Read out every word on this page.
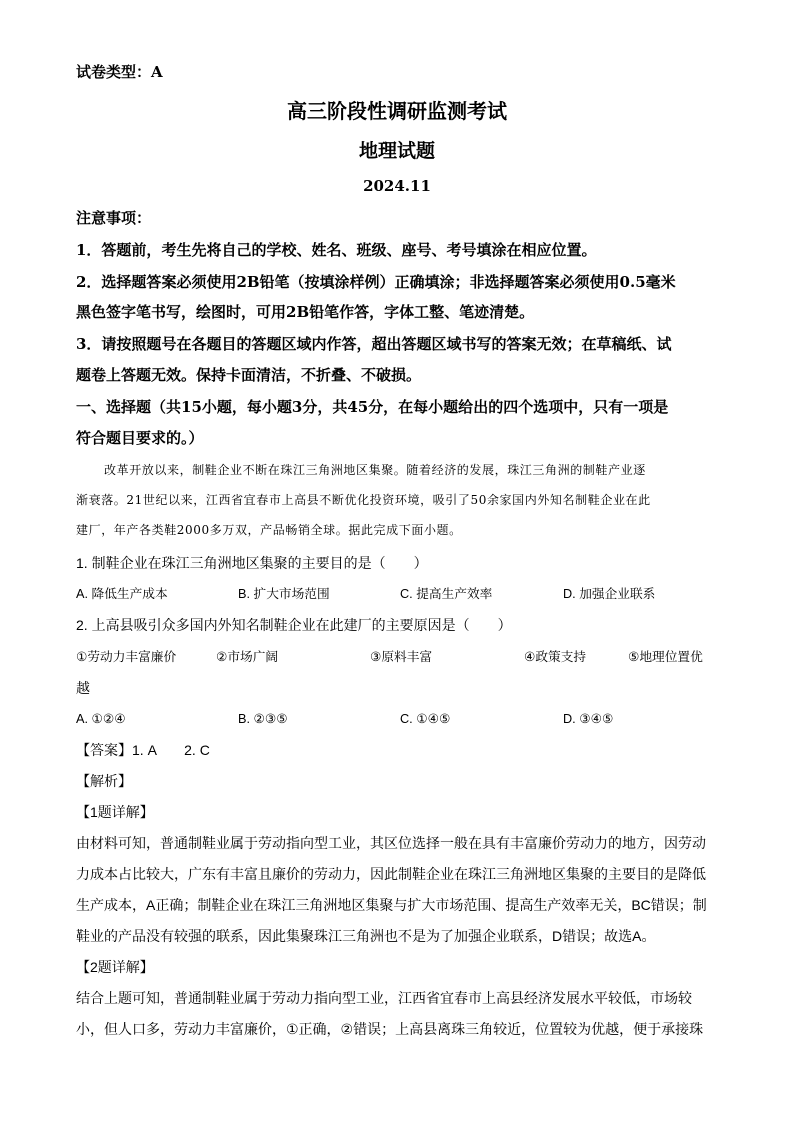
试卷类型：A
高三阶段性调研监测考试
地理试题
2024.11
注意事项：
1．答题前，考生先将自己的学校、姓名、班级、座号、考号填涂在相应位置。
2．选择题答案必须使用2B铅笔（按填涂样例）正确填涂；非选择题答案必须使用0.5毫米
黑色签字笔书写，绘图时，可用2B铅笔作答，字体工整、笔迹清楚。
3．请按照题号在各题目的答题区域内作答，超出答题区域书写的答案无效；在草稿纸、试
题卷上答题无效。保持卡面清洁，不折叠、不破损。
一、选择题（共15小题，每小题3分，共45分，在每小题给出的四个选项中，只有一项是
符合题目要求的。）
改革开放以来，制鞋企业不断在珠江三角洲地区集聚。随着经济的发展，珠江三角洲的制鞋产业逐
渐衰落。21世纪以来，江西省宜春市上高县不断优化投资环境，吸引了50余家国内外知名制鞋企业在此
建厂，年产各类鞋2000多万双，产品畅销全球。据此完成下面小题。
1. 制鞋企业在珠江三角洲地区集聚的主要目的是（　　）
A. 降低生产成本	B. 扩大市场范围	C. 提高生产效率	D. 加强企业联系
2. 上高县吸引众多国内外知名制鞋企业在此建厂的主要原因是（　　）
①劳动力丰富廉价	②市场广阔	③原料丰富	④政策支持	⑤地理位置优
越
A. ①②④	B. ②③⑤	C. ①④⑤	D. ③④⑤
【答案】1. A　　2. C
【解析】
【1题详解】
由材料可知，普通制鞋业属于劳动指向型工业，其区位选择一般在具有丰富廉价劳动力的地方，因劳动
力成本占比较大，广东有丰富且廉价的劳动力，因此制鞋企业在珠江三角洲地区集聚的主要目的是降低
生产成本，A正确；制鞋企业在珠江三角洲地区集聚与扩大市场范围、提高生产效率无关，BC错误；制
鞋业的产品没有较强的联系，因此集聚珠江三角洲也不是为了加强企业联系，D错误；故选A。
【2题详解】
结合上题可知，普通制鞋业属于劳动力指向型工业，江西省宜春市上高县经济发展水平较低，市场较
小，但人口多，劳动力丰富廉价，①正确，②错误；上高县离珠三角较近，位置较为优越，便于承接珠
